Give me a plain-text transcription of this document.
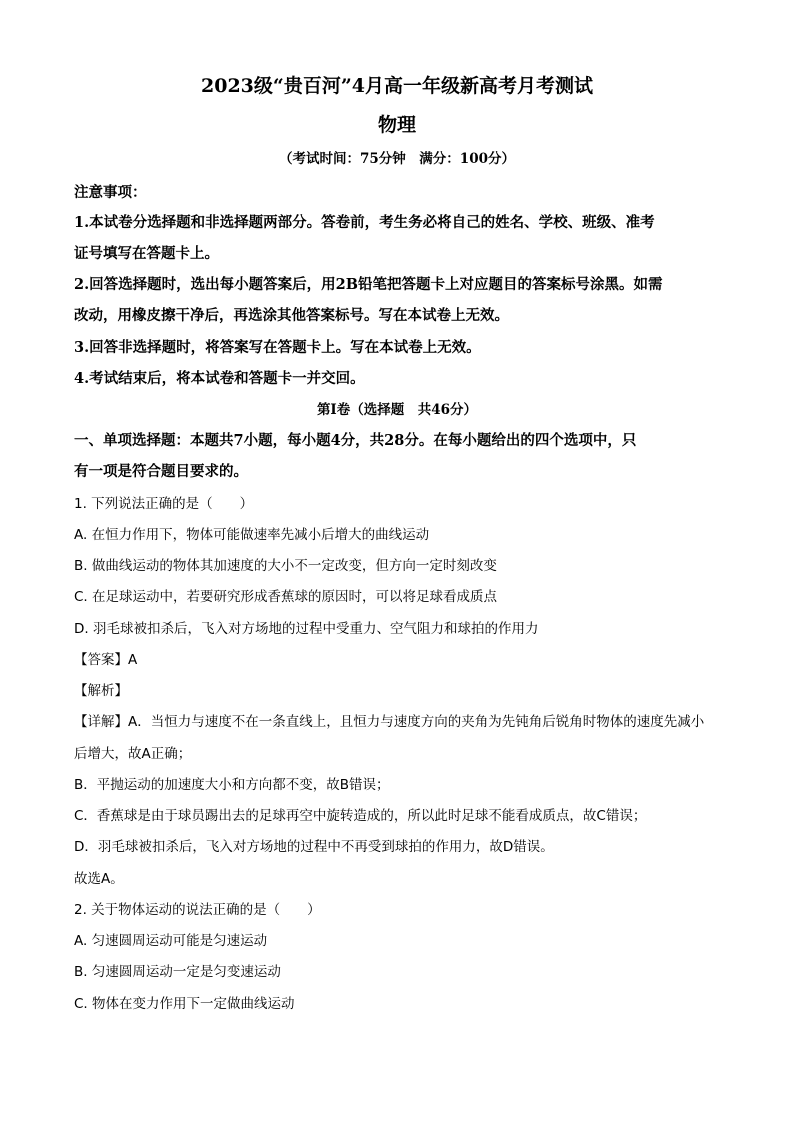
2023级“贵百河”4月高一年级新高考月考测试
物理
（考试时间：75分钟　满分：100分）
注意事项：
1.本试卷分选择题和非选择题两部分。答卷前，考生务必将自己的姓名、学校、班级、准考
证号填写在答题卡上。
2.回答选择题时，选出每小题答案后，用2B铅笔把答题卡上对应题目的答案标号涂黑。如需
改动，用橡皮擦干净后，再选涂其他答案标号。写在本试卷上无效。
3.回答非选择题时，将答案写在答题卡上。写在本试卷上无效。
4.考试结束后，将本试卷和答题卡一并交回。
第Ⅰ卷（选择题　共46分）
一、单项选择题：本题共7小题，每小题4分，共28分。在每小题给出的四个选项中，只
有一项是符合题目要求的。
1. 下列说法正确的是（　　）
A. 在恒力作用下，物体可能做速率先减小后增大的曲线运动
B. 做曲线运动的物体其加速度的大小不一定改变，但方向一定时刻改变
C. 在足球运动中，若要研究形成香蕉球的原因时，可以将足球看成质点
D. 羽毛球被扣杀后，飞入对方场地的过程中受重力、空气阻力和球拍的作用力
【答案】A
【解析】
【详解】A．当恒力与速度不在一条直线上，且恒力与速度方向的夹角为先钝角后锐角时物体的速度先减小
后增大，故A正确；
B．平抛运动的加速度大小和方向都不变，故B错误；
C．香蕉球是由于球员踢出去的足球再空中旋转造成的，所以此时足球不能看成质点，故C错误；
D．羽毛球被扣杀后，飞入对方场地的过程中不再受到球拍的作用力，故D错误。
故选A。
2. 关于物体运动的说法正确的是（　　）
A. 匀速圆周运动可能是匀速运动
B. 匀速圆周运动一定是匀变速运动
C. 物体在变力作用下一定做曲线运动
